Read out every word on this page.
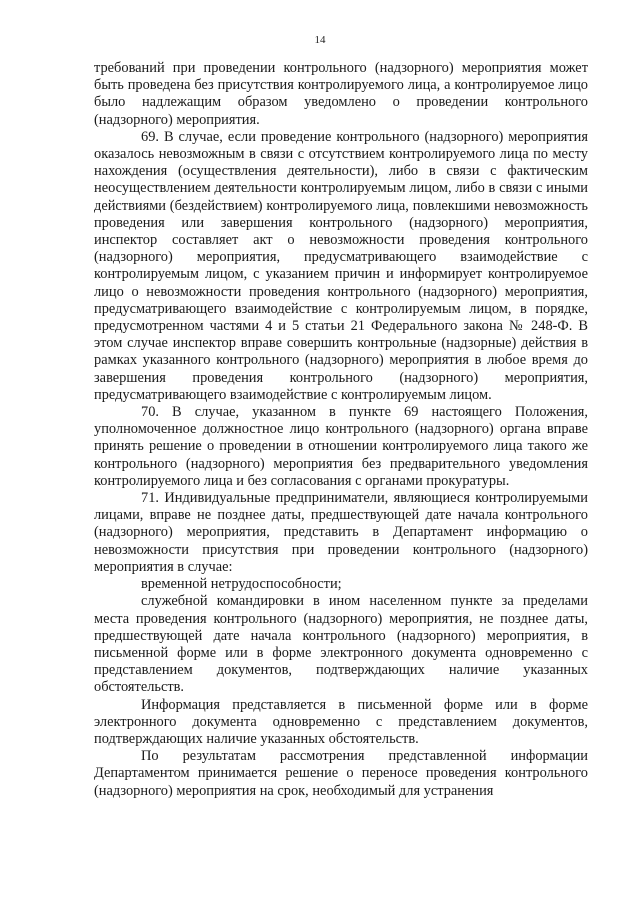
14

требований при проведении контрольного (надзорного) мероприятия может быть проведена без присутствия контролируемого лица, а контролируемое лицо было надлежащим образом уведомлено о проведении контрольного (надзорного) мероприятия.

69. В случае, если проведение контрольного (надзорного) мероприятия оказалось невозможным в связи с отсутствием контролируемого лица по месту нахождения (осуществления деятельности), либо в связи с фактическим неосуществлением деятельности контролируемым лицом, либо в связи с иными действиями (бездействием) контролируемого лица, повлекшими невозможность проведения или завершения контрольного (надзорного) мероприятия, инспектор составляет акт о невозможности проведения контрольного (надзорного) мероприятия, предусматривающего взаимодействие с контролируемым лицом, с указанием причин и информирует контролируемое лицо о невозможности проведения контрольного (надзорного) мероприятия, предусматривающего взаимодействие с контролируемым лицом, в порядке, предусмотренном частями 4 и 5 статьи 21 Федерального закона № 248-Ф. В этом случае инспектор вправе совершить контрольные (надзорные) действия в рамках указанного контрольного (надзорного) мероприятия в любое время до завершения проведения контрольного (надзорного) мероприятия, предусматривающего взаимодействие с контролируемым лицом.

70. В случае, указанном в пункте 69 настоящего Положения, уполномоченное должностное лицо контрольного (надзорного) органа вправе принять решение о проведении в отношении контролируемого лица такого же контрольного (надзорного) мероприятия без предварительного уведомления контролируемого лица и без согласования с органами прокуратуры.

71. Индивидуальные предприниматели, являющиеся контролируемыми лицами, вправе не позднее даты, предшествующей дате начала контрольного (надзорного) мероприятия, представить в Департамент информацию о невозможности присутствия при проведении контрольного (надзорного) мероприятия в случае:

временной нетрудоспособности;

служебной командировки в ином населенном пункте за пределами места проведения контрольного (надзорного) мероприятия, не позднее даты, предшествующей дате начала контрольного (надзорного) мероприятия, в письменной форме или в форме электронного документа одновременно с представлением документов, подтверждающих наличие указанных обстоятельств.

Информация представляется в письменной форме или в форме электронного документа одновременно с представлением документов, подтверждающих наличие указанных обстоятельств.

По результатам рассмотрения представленной информации Департаментом принимается решение о переносе проведения контрольного (надзорного) мероприятия на срок, необходимый для устранения
